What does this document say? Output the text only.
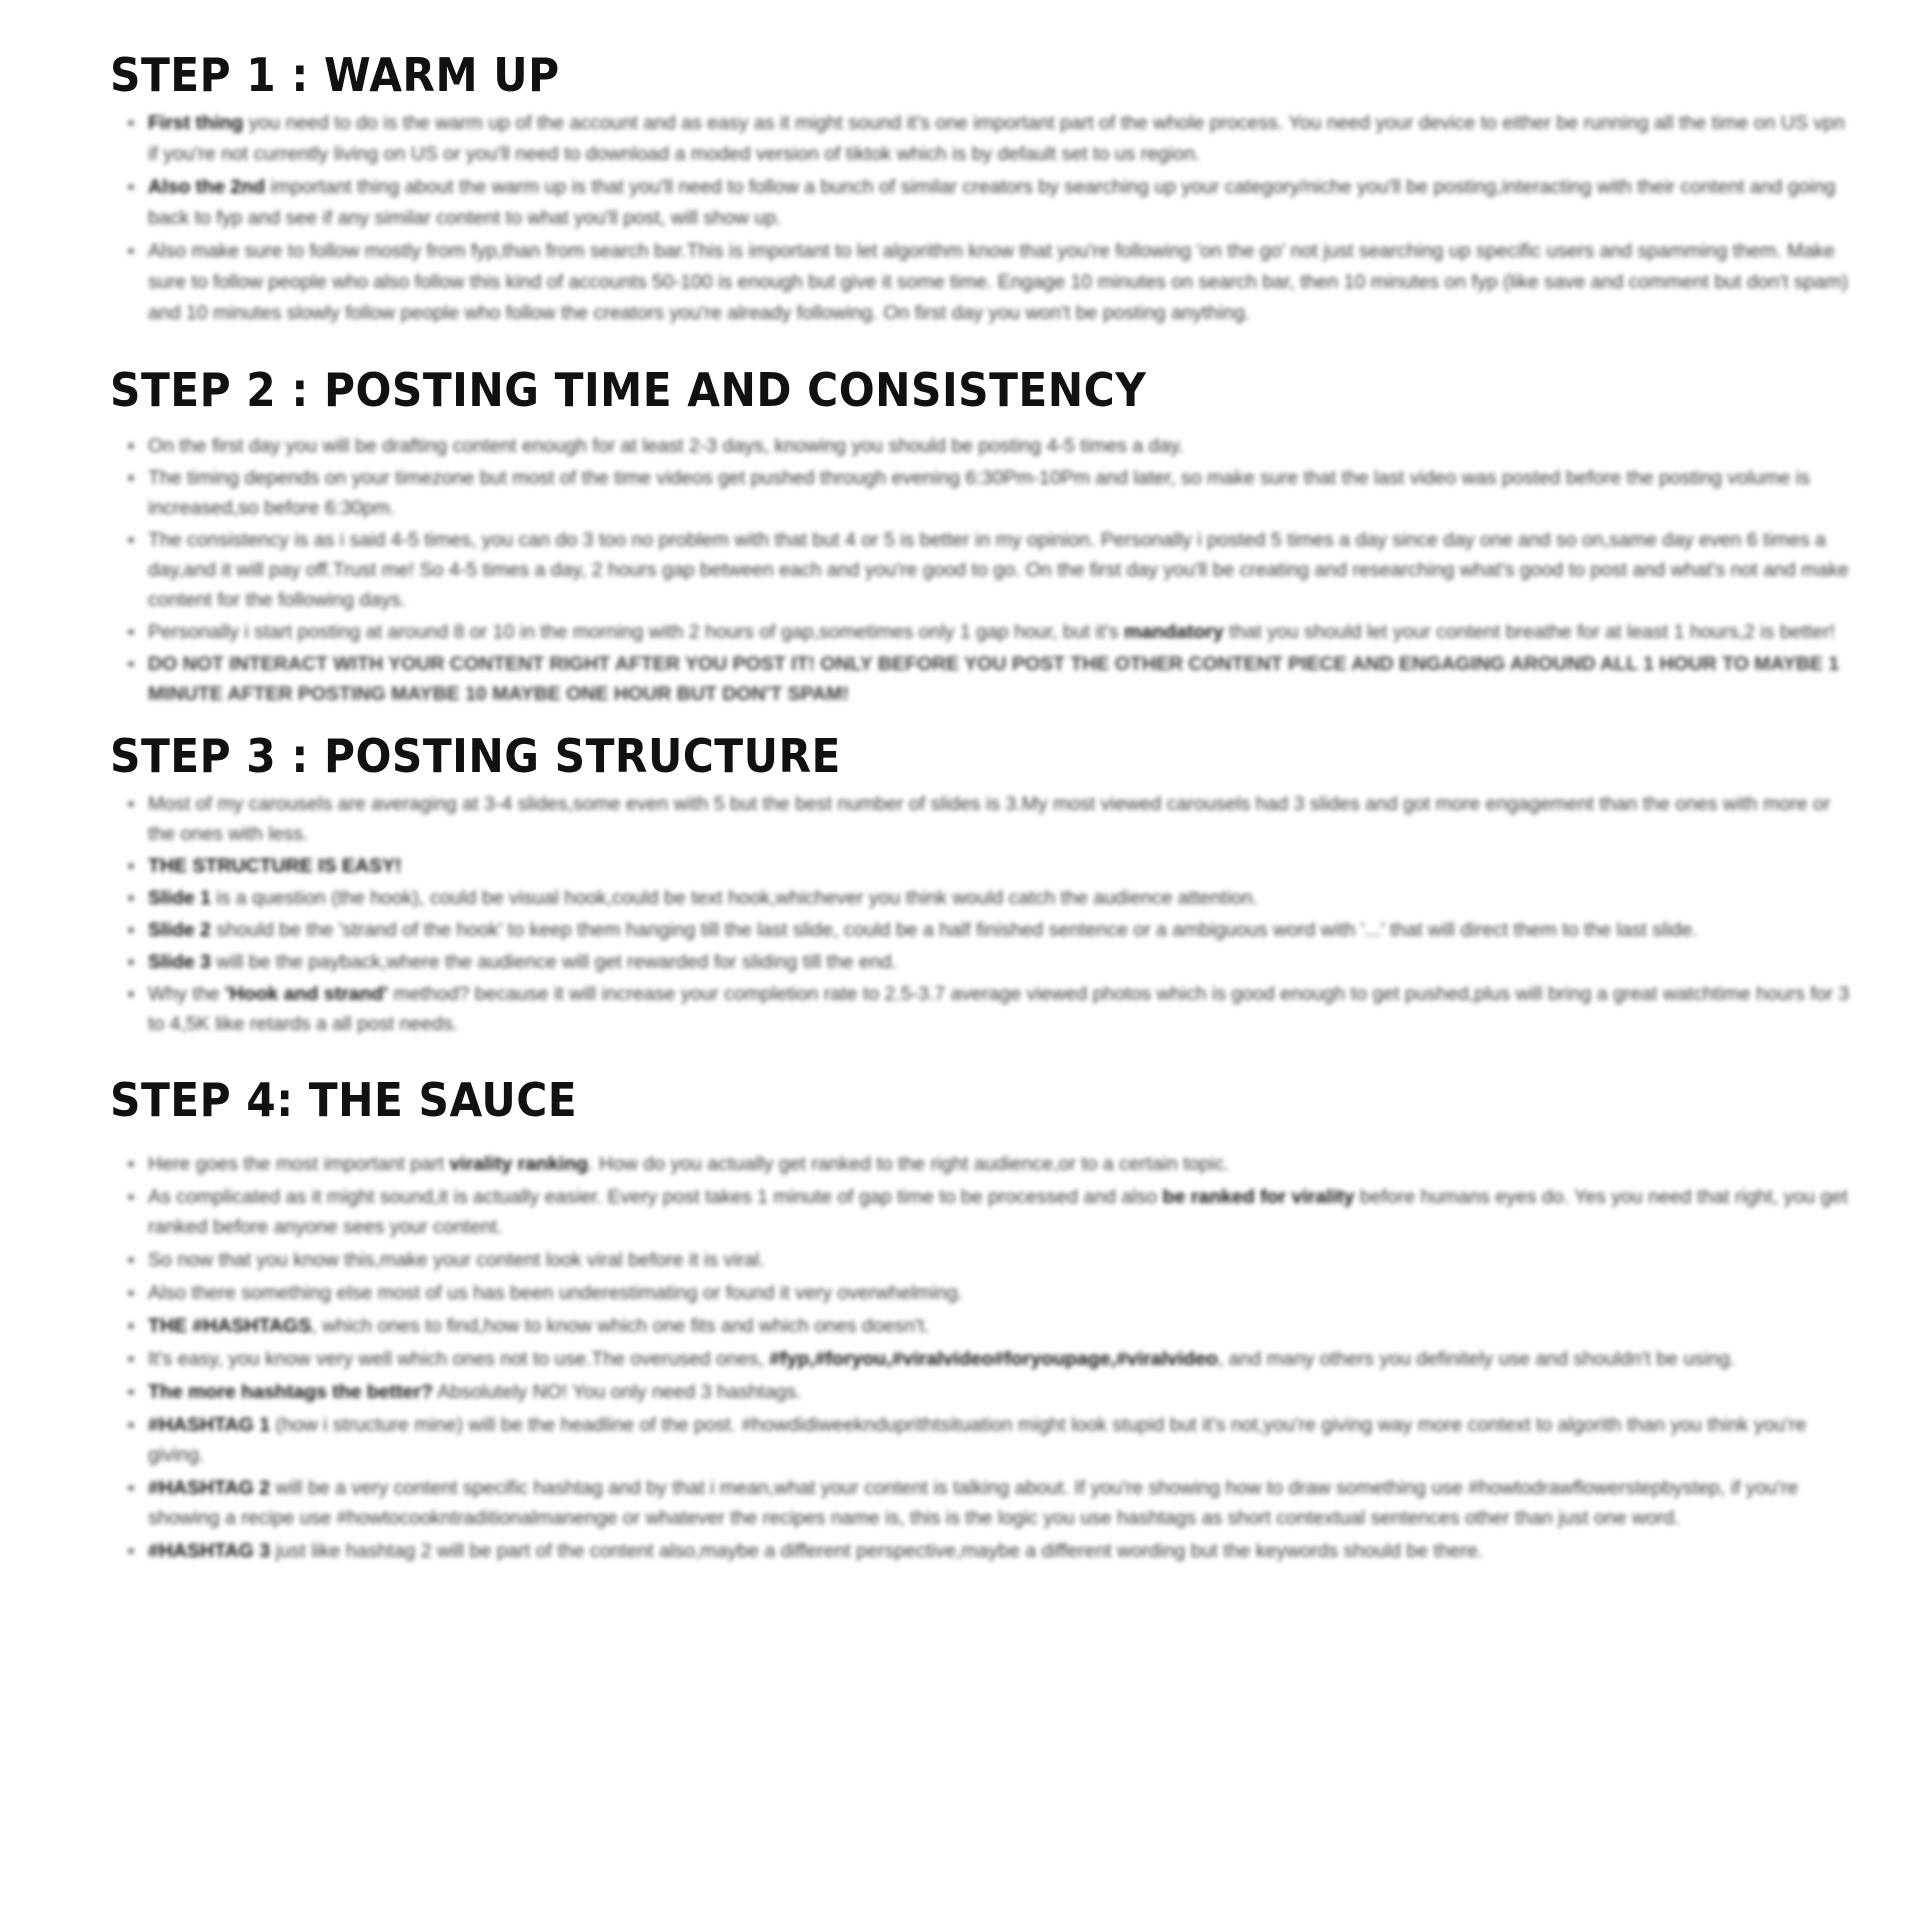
STEP 1 : WARM UP
First thing you need to do is the warm up of the account and as easy as it might sound it's one important part of the whole process. You need your device to either be running all the time on US vpn if you're not currently living on US or you'll need to download a moded version of tiktok which is by default set to us region.
Also the 2nd important thing about the warm up is that you'll need to follow a bunch of similar creators by searching up your category/niche you'll be posting,interacting with their content and going back to fyp and see if any similar content to what you'll post, will show up.
Also make sure to follow mostly from fyp,than from search bar.This is important to let algorithm know that you're following 'on the go' not just searching up specific users and spamming them. Make sure to follow people who also follow this kind of accounts 50-100 is enough but give it some time. Engage 10 minutes on search bar, then 10 minutes on fyp (like save and comment but don't spam) and 10 minutes slowly follow people who follow the creators you're already following. On first day you won't be posting anything.
STEP 2 : POSTING TIME AND CONSISTENCY
On the first day you will be drafting content enough for at least 2-3 days, knowing you should be posting 4-5 times a day.
The timing depends on your timezone but most of the time videos get pushed through evening 6:30Pm-10Pm and later, so make sure that the last video was posted before the posting volume is increased,so before 6:30pm.
The consistency is as i said 4-5 times, you can do 3 too no problem with that but 4 or 5 is better in my opinion. Personally i posted 5 times a day since day one and so on,same day even 6 times a day,and it will pay off.Trust me! So 4-5 times a day, 2 hours gap between each and you're good to go. On the first day you'll be creating and researching what's good to post and what's not and make content for the following days.
Personally i start posting at around 8 or 10 in the morning with 2 hours of gap,sometimes only 1 gap hour, but it's mandatory that you should let your content breathe for at least 1 hours,2 is better!
DO NOT INTERACT WITH YOUR CONTENT RIGHT AFTER YOU POST IT! ONLY BEFORE YOU POST THE OTHER CONTENT PIECE AND ENGAGING AROUND ALL 1 HOUR TO MAYBE 1 MINUTE AFTER POSTING MAYBE 10 MAYBE ONE HOUR BUT DON'T SPAM!
STEP 3 : POSTING STRUCTURE
Most of my carousels are averaging at 3-4 slides,some even with 5 but the best number of slides is 3.My most viewed carousels had 3 slides and got more engagement than the ones with more or the ones with less.
THE STRUCTURE IS EASY!
Slide 1 is a question (the hook), could be visual hook,could be text hook,whichever you think would catch the audience attention.
Slide 2 should be the 'strand of the hook' to keep them hanging till the last slide, could be a half finished sentence or a ambiguous word with '...' that will direct them to the last slide.
Slide 3 will be the payback,where the audience will get rewarded for sliding till the end.
Why the 'Hook and strand' method? because it will increase your completion rate to 2.5-3.7 average viewed photos which is good enough to get pushed,plus will bring a great watchtime hours for 3 to 4,5K like retards a all post needs.
STEP 4: THE SAUCE
Here goes the most important part virality ranking. How do you actually get ranked to the right audience,or to a certain topic.
As complicated as it might sound,it is actually easier. Every post takes 1 minute of gap time to be processed and also be ranked for virality before humans eyes do. Yes you need that right, you get ranked before anyone sees your content.
So now that you know this,make your content look viral before it is viral.
Also there something else most of us has been underestimating or found it very overwhelming.
THE #HASHTAGS, which ones to find,how to know which one fits and which ones doesn't.
It's easy, you know very well which ones not to use.The overused ones, #fyp,#foryou,#viralvideo#foryoupage,#viralvideo, and many others you definitely use and shouldn't be using.
The more hashtags the better? Absolutely NO! You only need 3 hashtags.
#HASHTAG 1 (how i structure mine) will be the headline of the post. #howdidiweeknduprithtsituation might look stupid but it's not,you're giving way more context to algorith than you think you're giving.
#HASHTAG 2 will be a very content specific hashtag and by that i mean,what your content is talking about. If you're showing how to draw something use #howtodrawflowerstepbystep, if you're showing a recipe use #howtocookntraditionalmanenge or whatever the recipes name is, this is the logic you use hashtags as short contextual sentences other than just one word.
#HASHTAG 3 just like hashtag 2 will be part of the content also,maybe a different perspective,maybe a different wording but the keywords should be there.
